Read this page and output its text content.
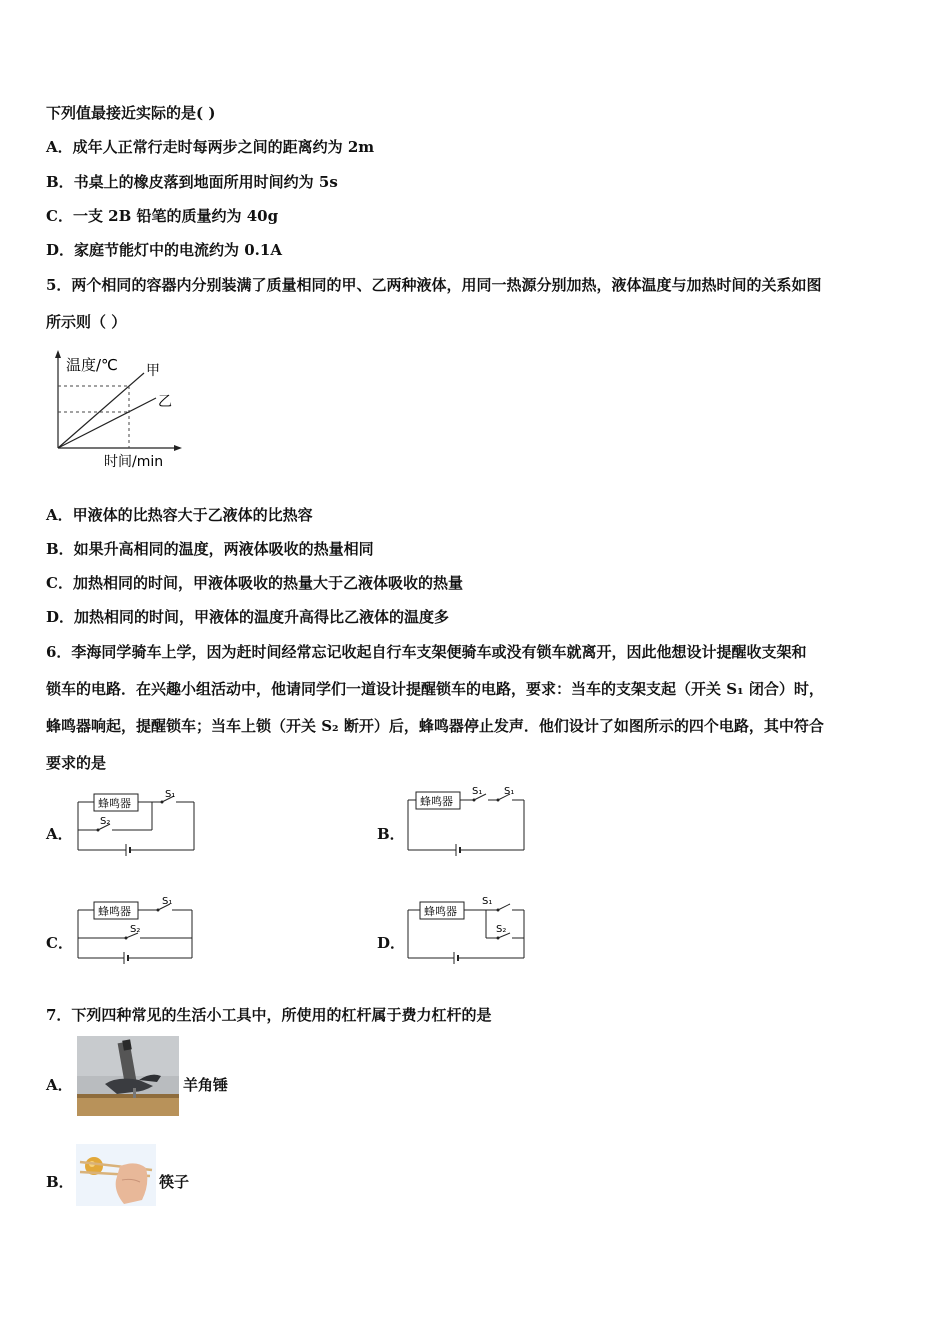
下列值最接近实际的是( )
A．成年人正常行走时每两步之间的距离约为 2m
B．书桌上的橡皮落到地面所用时间约为 5s
C．一支 2B 铅笔的质量约为 40g
D．家庭节能灯中的电流约为 0.1A
5．两个相同的容器内分别装满了质量相同的甲、乙两种液体，用同一热源分别加热，液体温度与加热时间的关系如图
所示则（ ）
温度/℃
时间/min
甲
乙
A．甲液体的比热容大于乙液体的比热容
B．如果升高相同的温度，两液体吸收的热量相同
C．加热相同的时间，甲液体吸收的热量大于乙液体吸收的热量
D．加热相同的时间，甲液体的温度升高得比乙液体的温度多
6．李海同学骑车上学，因为赶时间经常忘记收起自行车支架便骑车或没有锁车就离开，因此他想设计提醒收支架和
锁车的电路．在兴趣小组活动中，他请同学们一道设计提醒锁车的电路，要求：当车的支架支起（开关 S₁ 闭合）时，
蜂鸣器响起，提醒锁车；当车上锁（开关 S₂ 断开）后，蜂鸣器停止发声．他们设计了如图所示的四个电路，其中符合
要求的是
A．
蜂鸣器
S₁
S₂
B．
蜂鸣器
S₁ S₁
C．
蜂鸣器
S₁
S₂
D．
蜂鸣器
S₁
S₂
7．下列四种常见的生活小工具中，所使用的杠杆属于费力杠杆的是
A．	羊角锤
B．	筷子
